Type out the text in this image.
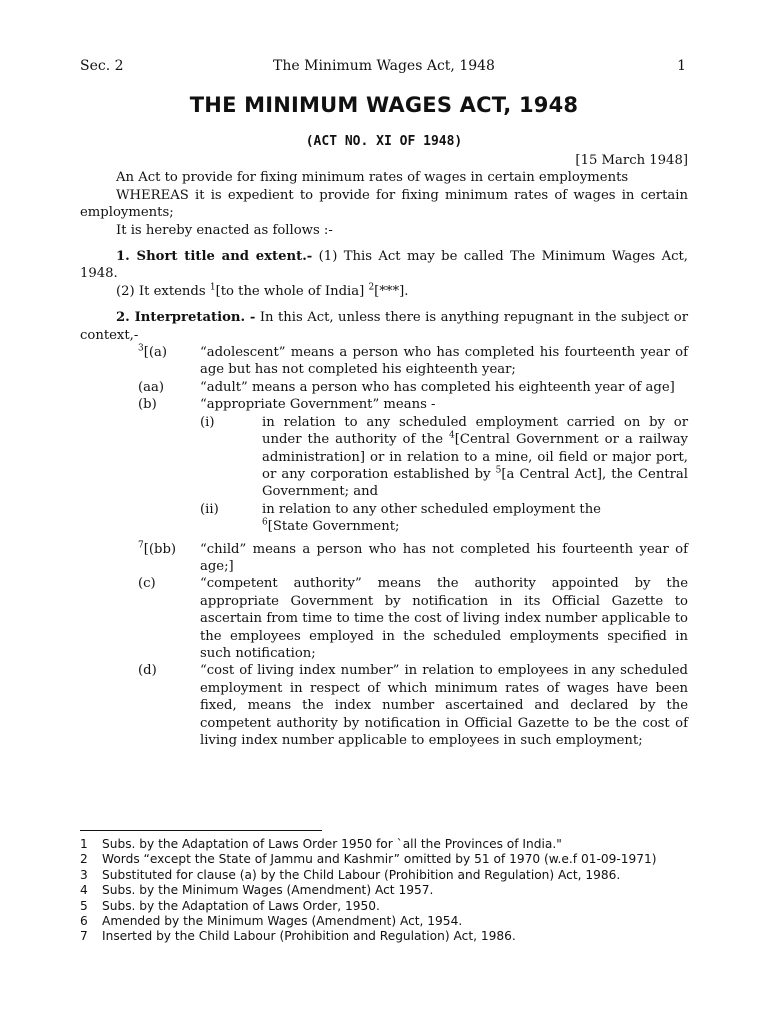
The Minimum Wages Act, 1948
Sec. 2	1
THE MINIMUM WAGES ACT, 1948
(ACT NO. XI OF 1948)

[15 March 1948]

An Act to provide for fixing minimum rates of wages in certain employments

WHEREAS it is expedient to provide for fixing minimum rates of wages in certain employments;

It is hereby enacted as follows :-

1. Short title and extent.- (1) This Act may be called The Minimum Wages Act, 1948.

(2) It extends $^1$[to the whole of India] $^2$[***].

2. Interpretation. - In this Act, unless there is anything repugnant in the subject or context,-

$^3$[(a)	“adolescent” means a person who has completed his fourteenth year of age but has not completed his eighteenth year;
(aa)	“adult” means a person who has completed his eighteenth year of age]
(b)	“appropriate Government” means -
(i)	in relation to any scheduled employment carried on by or under the authority of the $^4$[Central Government or a railway administration] or in relation to a mine, oil field or major port, or any corporation established by $^5$[a Central Act], the Central Government; and
(ii)	in relation to any other scheduled employment the
$^6$[State Government;
$^7$[(bb)	“child” means a person who has not completed his fourteenth year of age;]
(c)	“competent authority” means the authority appointed by the appropriate Government by notification in its Official Gazette to ascertain from time to time the cost of living index number applicable to the employees employed in the scheduled employments specified in such notification;
(d)	“cost of living index number” in relation to employees in any scheduled employment in respect of which minimum rates of wages have been fixed, means the index number ascertained and declared by the competent authority by notification in Official Gazette to be the cost of living index number applicable to employees in such employment;
1	Subs. by the Adaptation of Laws Order 1950 for `all the Provinces of India."
2	Words “except the State of Jammu and Kashmir” omitted by 51 of 1970 (w.e.f 01-09-1971)
3	Substituted for clause (a) by the Child Labour (Prohibition and Regulation) Act, 1986.
4	Subs. by the Minimum Wages (Amendment) Act 1957.
5	Subs. by the Adaptation of Laws Order, 1950.
6	Amended by the Minimum Wages (Amendment) Act, 1954.
7	Inserted by the Child Labour (Prohibition and Regulation) Act, 1986.
